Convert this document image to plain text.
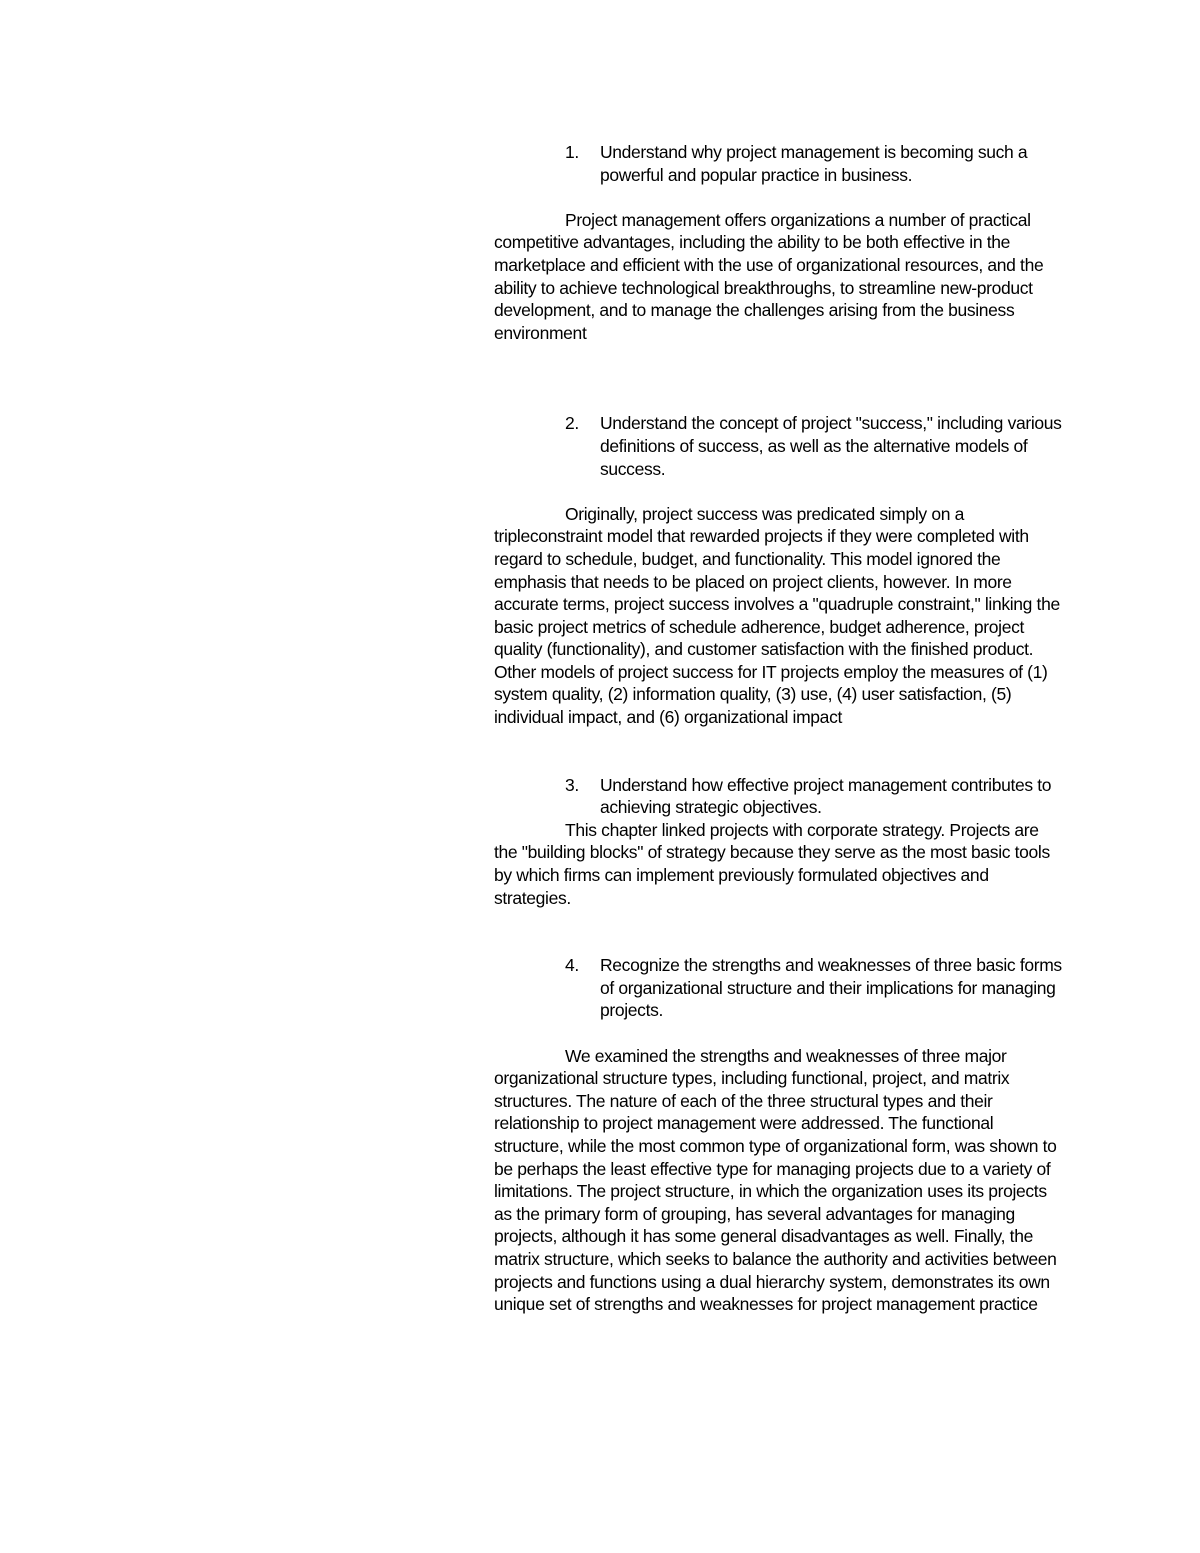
1. Understand why project management is becoming such a powerful and popular practice in business.

Project management offers organizations a number of practical competitive advantages, including the ability to be both effective in the marketplace and efficient with the use of organizational resources, and the ability to achieve technological breakthroughs, to streamline new-product development, and to manage the challenges arising from the business environment

2. Understand the concept of project "success," including various definitions of success, as well as the alternative models of success.

Originally, project success was predicated simply on a tripleconstraint model that rewarded projects if they were completed with regard to schedule, budget, and functionality. This model ignored the emphasis that needs to be placed on project clients, however. In more accurate terms, project success involves a "quadruple constraint," linking the basic project metrics of schedule adherence, budget adherence, project quality (functionality), and customer satisfaction with the finished product. Other models of project success for IT projects employ the measures of (1) system quality, (2) information quality, (3) use, (4) user satisfaction, (5) individual impact, and (6) organizational impact

3. Understand how effective project management contributes to achieving strategic objectives.

This chapter linked projects with corporate strategy. Projects are the "building blocks" of strategy because they serve as the most basic tools by which firms can implement previously formulated objectives and strategies.

4. Recognize the strengths and weaknesses of three basic forms of organizational structure and their implications for managing projects.

We examined the strengths and weaknesses of three major organizational structure types, including functional, project, and matrix structures. The nature of each of the three structural types and their relationship to project management were addressed. The functional structure, while the most common type of organizational form, was shown to be perhaps the least effective type for managing projects due to a variety of limitations. The project structure, in which the organization uses its projects as the primary form of grouping, has several advantages for managing projects, although it has some general disadvantages as well. Finally, the matrix structure, which seeks to balance the authority and activities between projects and functions using a dual hierarchy system, demonstrates its own unique set of strengths and weaknesses for project management practice
